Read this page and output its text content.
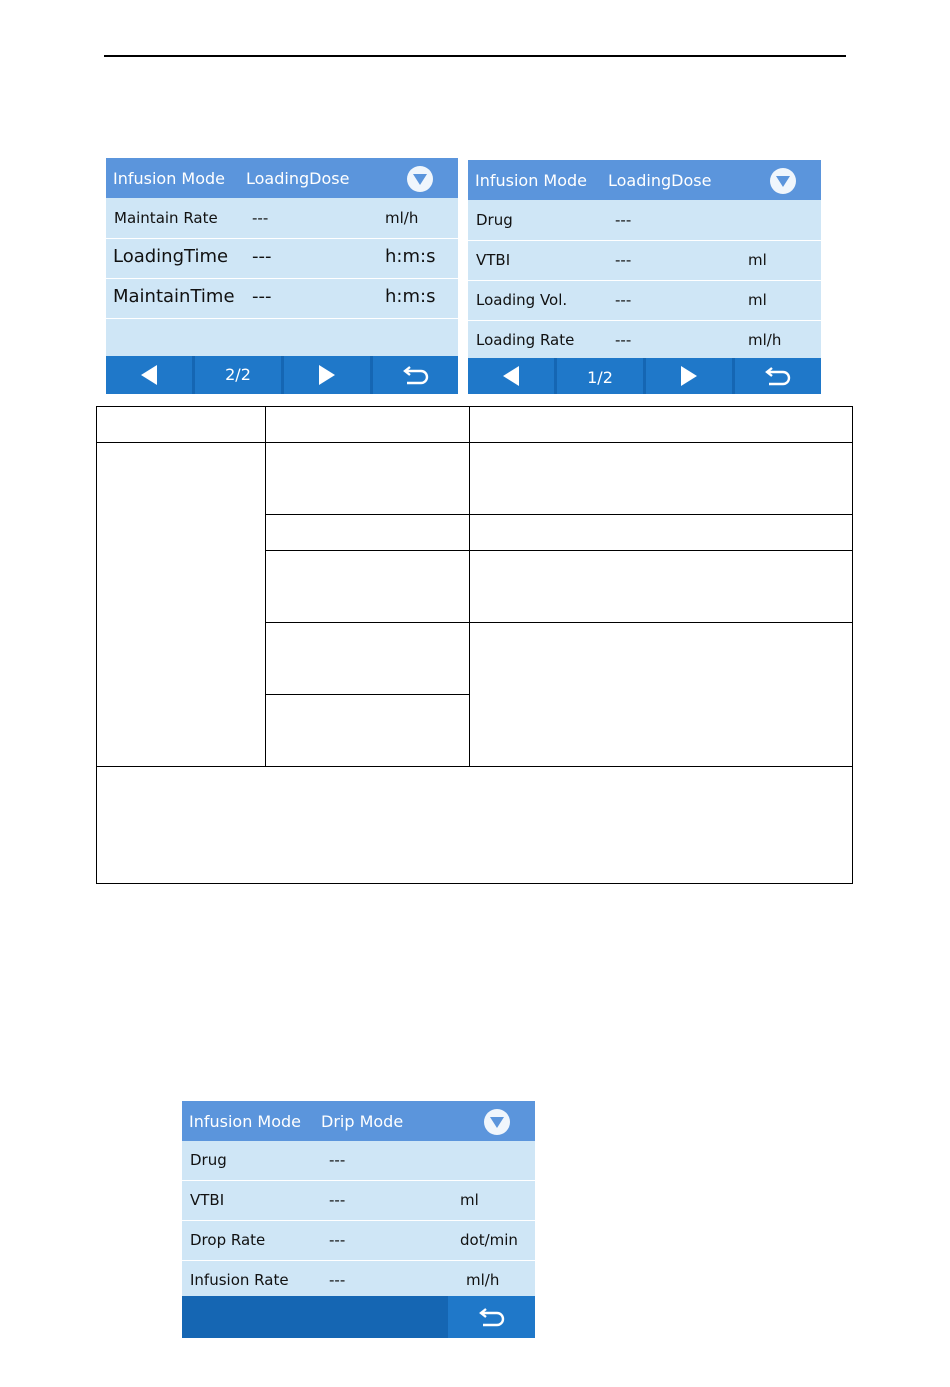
Infusion Mode LoadingDose
Maintain Rate ---	ml/h
LoadingTime ---	h:m:s
MaintainTime ---	h:m:s
2/2
Infusion Mode LoadingDose
Drug	---
VTBI	---	ml
Loading Vol.	---	ml
Loading Rate	---	ml/h
1/2
Infusion Mode Drip Mode
Drug	---
VTBI	---	ml
Drop Rate	---	dot/min
Infusion Rate	---	ml/h
